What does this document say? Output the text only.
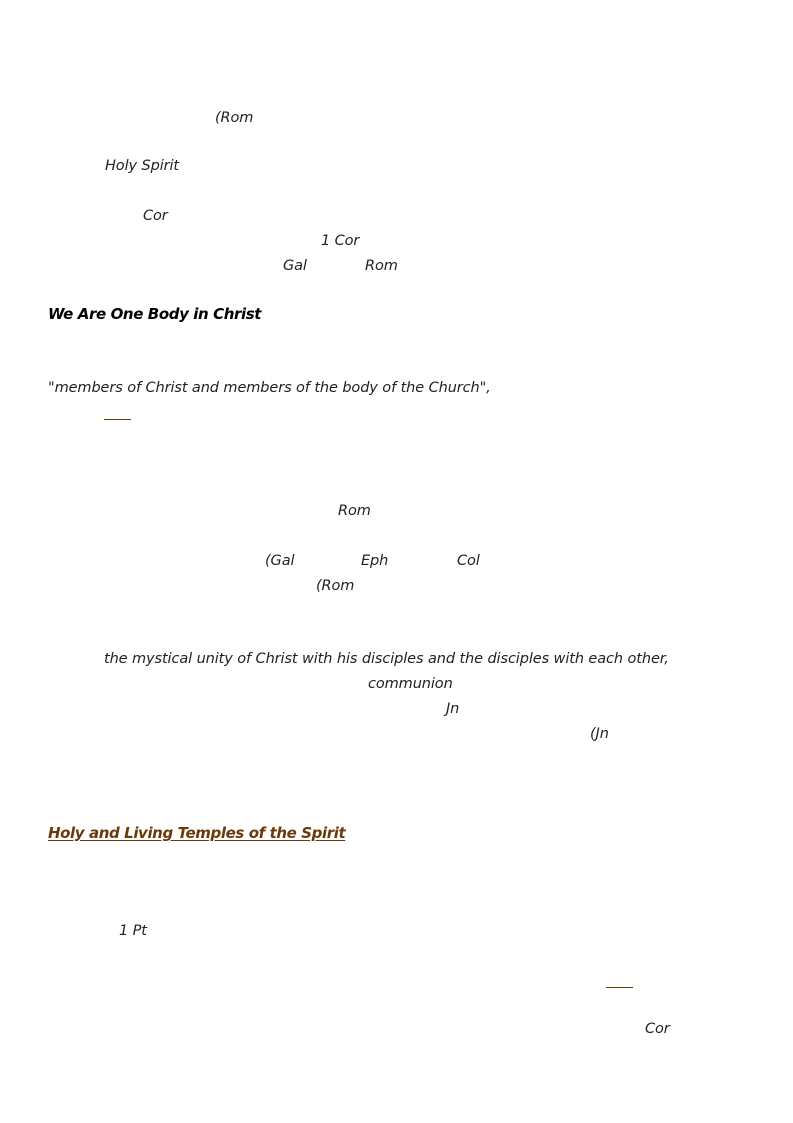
(Rom
Holy Spirit
Cor
1 Cor
Gal	Rom
We Are One Body in Christ
"members of Christ and members of the body of the Church",
Rom
(Gal	Eph	Col
(Rom
the mystical unity of Christ with his disciples and the disciples with each other,
communion
Jn
(Jn
Holy and Living Temples of the Spirit
1 Pt
Cor
